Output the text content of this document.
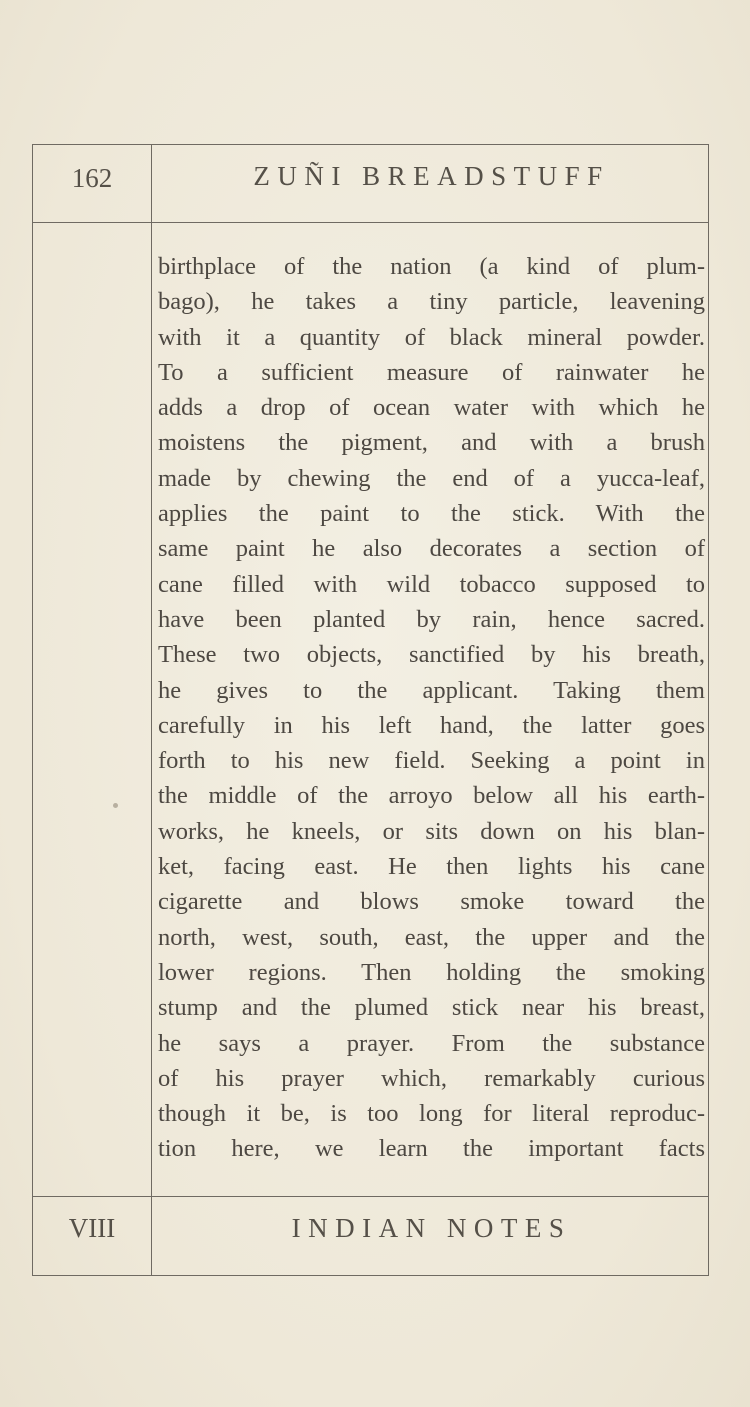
162	ZUÑI BREADSTUFF
birthplace of the nation (a kind of plum-
bago), he takes a tiny particle, leavening
with it a quantity of black mineral powder.
To a sufficient measure of rainwater he
adds a drop of ocean water with which he
moistens the pigment, and with a brush
made by chewing the end of a yucca-leaf,
applies the paint to the stick. With the
same paint he also decorates a section of
cane filled with wild tobacco supposed to
have been planted by rain, hence sacred.
These two objects, sanctified by his breath,
he gives to the applicant. Taking them
carefully in his left hand, the latter goes
forth to his new field. Seeking a point in
the middle of the arroyo below all his earth-
works, he kneels, or sits down on his blan-
ket, facing east. He then lights his cane
cigarette and blows smoke toward the
north, west, south, east, the upper and the
lower regions. Then holding the smoking
stump and the plumed stick near his breast,
he says a prayer. From the substance
of his prayer which, remarkably curious
though it be, is too long for literal reproduc-
tion here, we learn the important facts
VIII	INDIAN NOTES
